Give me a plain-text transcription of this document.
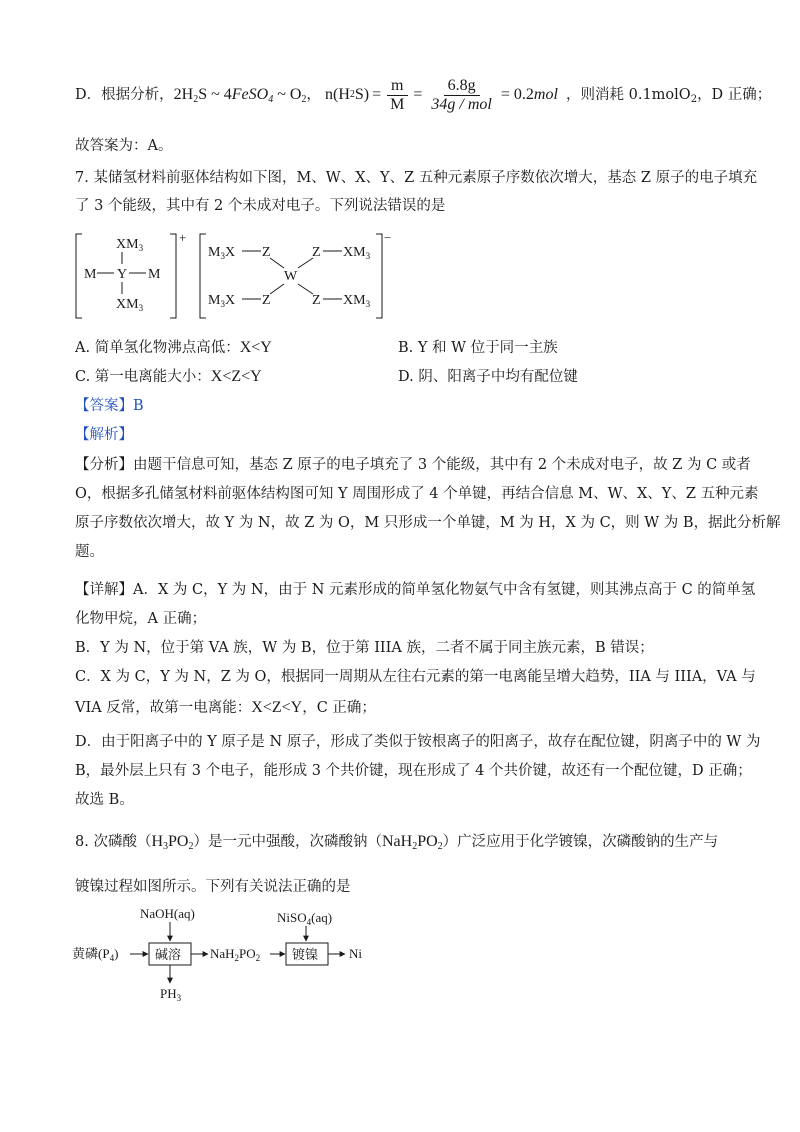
D．根据分析，$2H_2S$ ~ 4FeSO$_4$ ~ $O_2$， n (H 2 $S) = \frac{m}{M} = \frac{6.8g}{\text{34g / mol}} = 0.2$ mol ，则消耗 0.1molO$_2$，D 正确；
故答案为：A。
7. 某储氢材料前驱体结构如下图，M、W、X、Y、Z 五种元素原子序数依次增大，基态 Z 原子的电子填充
了 3 个能级，其中有 2 个未成对电子。下列说法错误的是
+
$XM_3$
M Y M
$XM_3$
−
$M_3X$ Z	Z $XM_3$
W
$M_3X$ Z	Z $XM_3$
A. 简单氢化物沸点高低：X<Y	B. Y 和 W 位于同一主族
C. 第一电离能大小：X<Z<Y	D. 阴、阳离子中均有配位键
【答案】B
【解析】
【分析】由题干信息可知，基态 Z 原子的电子填充了 3 个能级，其中有 2 个未成对电子，故 Z 为 C 或者
O，根据多孔储氢材料前驱体结构图可知 Y 周围形成了 4 个单键，再结合信息 M、W、X、Y、Z 五种元素
原子序数依次增大，故 Y 为 N，故 Z 为 O，M 只形成一个单键，M 为 H，X 为 C，则 W 为 B，据此分析解
题。
【详解】A．X 为 C，Y 为 N，由于 N 元素形成的简单氢化物氨气中含有氢键，则其沸点高于 C 的简单氢
化物甲烷，A 正确；
B．Y 为 N，位于第 VA 族，W 为 B，位于第 IIIA 族，二者不属于同主族元素，B 错误；
C．X 为 C，Y 为 N，Z 为 O，根据同一周期从左往右元素的第一电离能呈增大趋势，IIA 与 IIIA，VA 与
VIA 反常，故第一电离能：X<Z<Y，C 正确；
D．由于阳离子中的 Y 原子是 N 原子，形成了类似于铵根离子的阳离子，故存在配位键，阴离子中的 W 为
B，最外层上只有 3 个电子，能形成 3 个共价键，现在形成了 4 个共价键，故还有一个配位键，D 正确；
故选 B。
8. 次磷酸$(H_3PO_2)$是一元中强酸，次磷酸钠$(NaH_2PO_2)$广泛应用于化学镀镍，次磷酸钠的生产与
镀镍过程如图所示。下列有关说法正确的是
NaOH(aq)	NiSO$_4$(aq)
黄磷$(P_4)$	碱溶 $NaH_2PO_2$ 镀镍 Ni
$PH_3$
